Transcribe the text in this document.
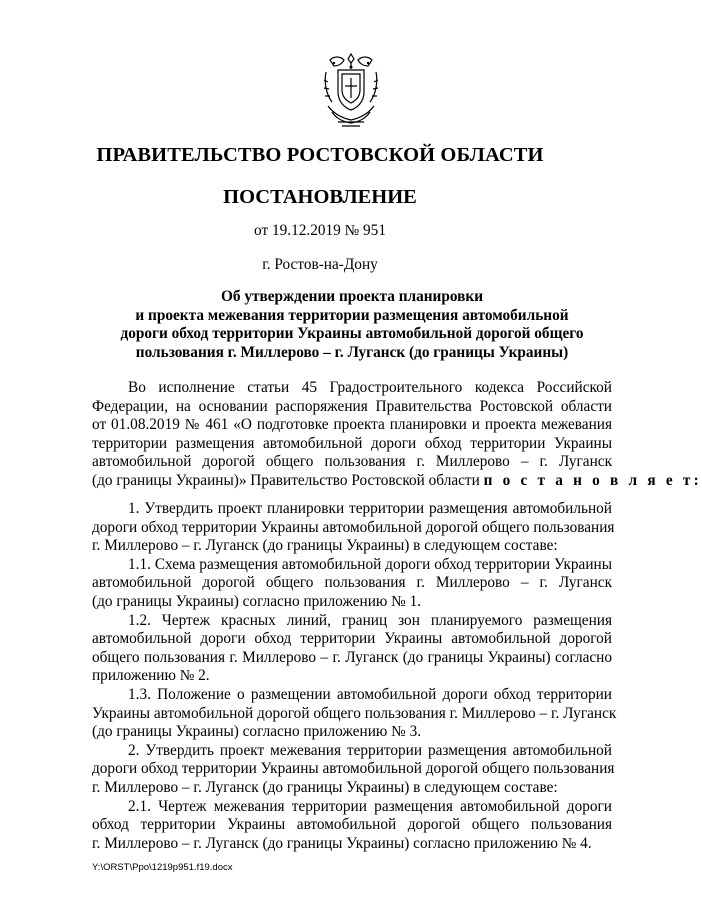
ПРАВИТЕЛЬСТВО РОСТОВСКОЙ ОБЛАСТИ
ПОСТАНОВЛЕНИЕ
от 19.12.2019 № 951
г. Ростов-на-Дону
Об утверждении проекта планировки
и проекта межевания территории размещения автомобильной
дороги обход территории Украины автомобильной дорогой общего
пользования г. Миллерово – г. Луганск (до границы Украины)
Во исполнение статьи 45 Градостроительного кодекса Российской
Федерации, на основании распоряжения Правительства Ростовской области
от 01.08.2019 № 461 «О подготовке проекта планировки и проекта межевания
территории размещения автомобильной дороги обход территории Украины
автомобильной дорогой общего пользования г. Миллерово – г. Луганск
(до границы Украины)» Правительство Ростовской области п о с т а н о в л я е т:
1. Утвердить проект планировки территории размещения автомобильной
дороги обход территории Украины автомобильной дорогой общего пользования
г. Миллерово – г. Луганск (до границы Украины) в следующем составе:
1.1. Схема размещения автомобильной дороги обход территории Украины
автомобильной дорогой общего пользования г. Миллерово – г. Луганск
(до границы Украины) согласно приложению № 1.
1.2. Чертеж красных линий, границ зон планируемого размещения
автомобильной дороги обход территории Украины автомобильной дорогой
общего пользования г. Миллерово – г. Луганск (до границы Украины) согласно
приложению № 2.
1.3. Положение о размещении автомобильной дороги обход территории
Украины автомобильной дорогой общего пользования г. Миллерово – г. Луганск
(до границы Украины) согласно приложению № 3.
2. Утвердить проект межевания территории размещения автомобильной
дороги обход территории Украины автомобильной дорогой общего пользования
г. Миллерово – г. Луганск (до границы Украины) в следующем составе:
2.1. Чертеж межевания территории размещения автомобильной дороги
обход территории Украины автомобильной дорогой общего пользования
г. Миллерово – г. Луганск (до границы Украины) согласно приложению № 4.
Y:\ORST\Ppo\1219p951.f19.docx
